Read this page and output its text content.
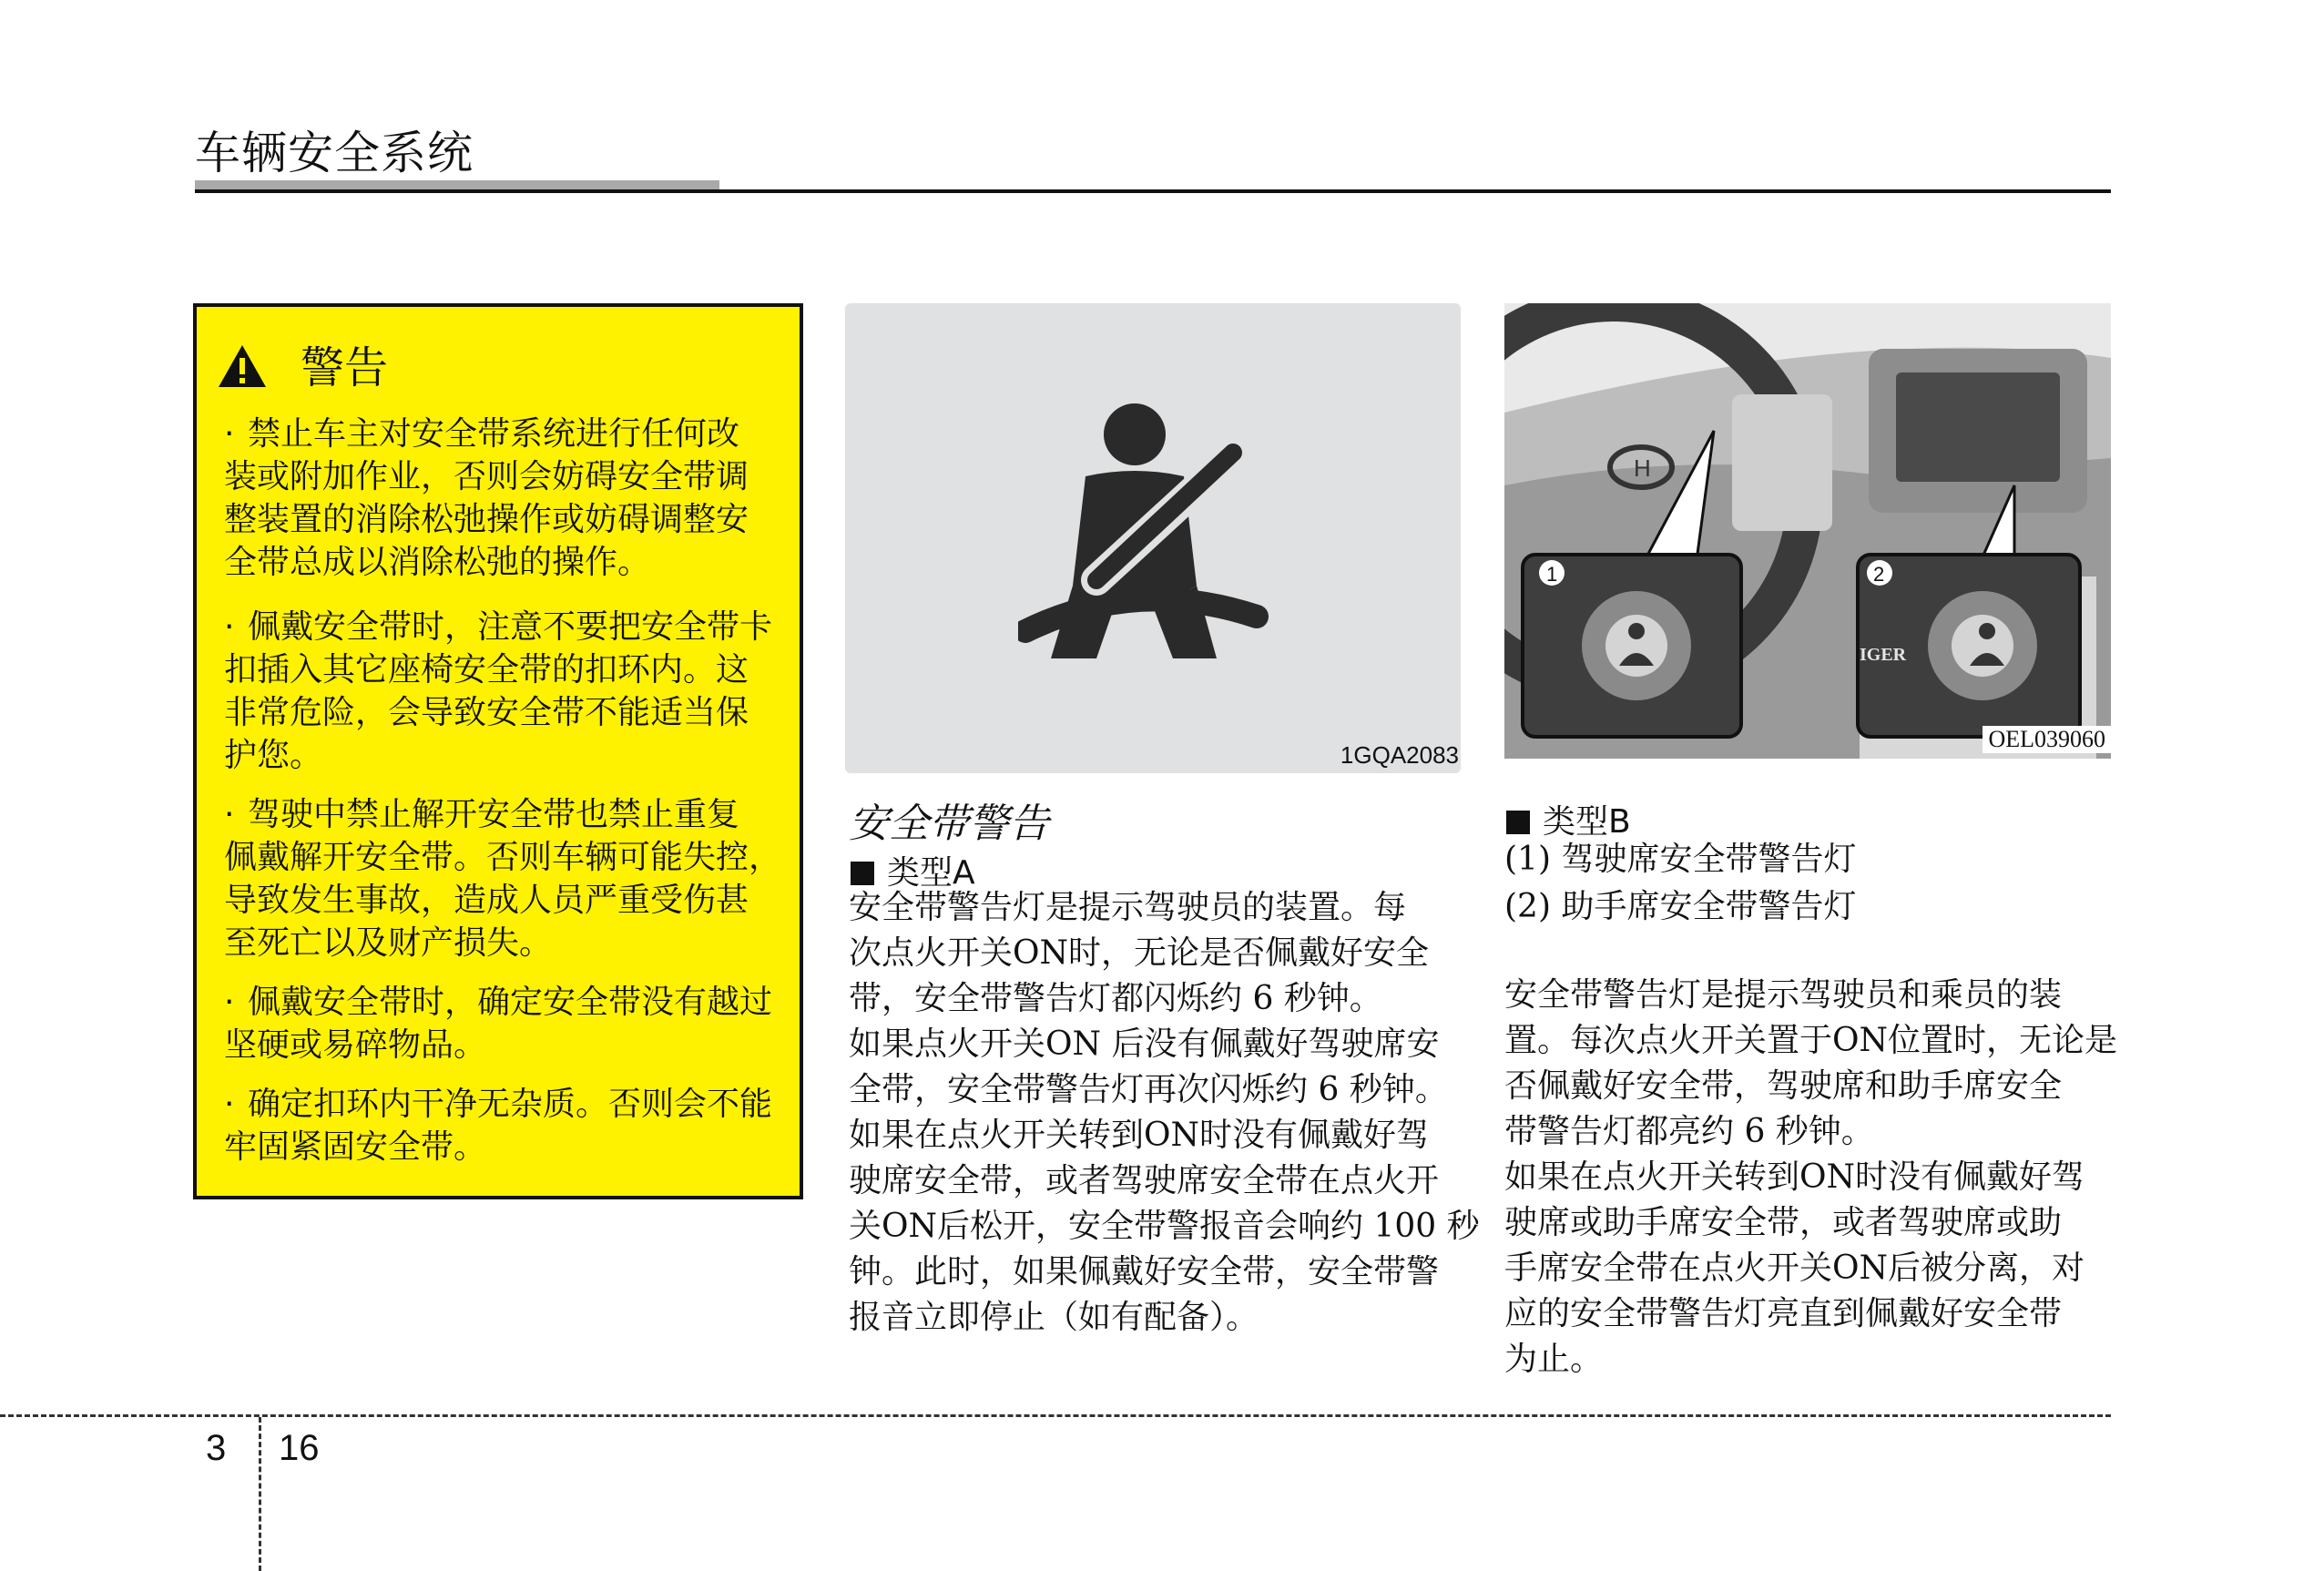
车辆安全系统
警告
· 禁止车主对安全带系统进行任何改
装或附加作业，否则会妨碍安全带调
整装置的消除松弛操作或妨碍调整安
全带总成以消除松弛的操作。
· 佩戴安全带时，注意不要把安全带卡
扣插入其它座椅安全带的扣环内。这
非常危险，会导致安全带不能适当保
护您。
· 驾驶中禁止解开安全带也禁止重复
佩戴解开安全带。否则车辆可能失控，
导致发生事故，造成人员严重受伤甚
至死亡以及财产损失。
· 佩戴安全带时，确定安全带没有越过
坚硬或易碎物品。
· 确定扣环内干净无杂质。否则会不能
牢固紧固安全带。
1GQA2083
H
1	2
IGER
OEL039060
安全带警告
类型A
安全带警告灯是提示驾驶员的装置。每
次点火开关ON时，无论是否佩戴好安全
带，安全带警告灯都闪烁约 6 秒钟。
如果点火开关ON 后没有佩戴好驾驶席安
全带，安全带警告灯再次闪烁约 6 秒钟。
如果在点火开关转到ON时没有佩戴好驾
驶席安全带，或者驾驶席安全带在点火开
关ON后松开，安全带警报音会响约 100 秒
钟。此时，如果佩戴好安全带，安全带警
报音立即停止（如有配备）。
类型B
(1) 驾驶席安全带警告灯
(2) 助手席安全带警告灯
安全带警告灯是提示驾驶员和乘员的装
置。每次点火开关置于ON位置时，无论是
否佩戴好安全带，驾驶席和助手席安全
带警告灯都亮约 6 秒钟。
如果在点火开关转到ON时没有佩戴好驾
驶席或助手席安全带，或者驾驶席或助
手席安全带在点火开关ON后被分离，对
应的安全带警告灯亮直到佩戴好安全带
为止。
3 16
